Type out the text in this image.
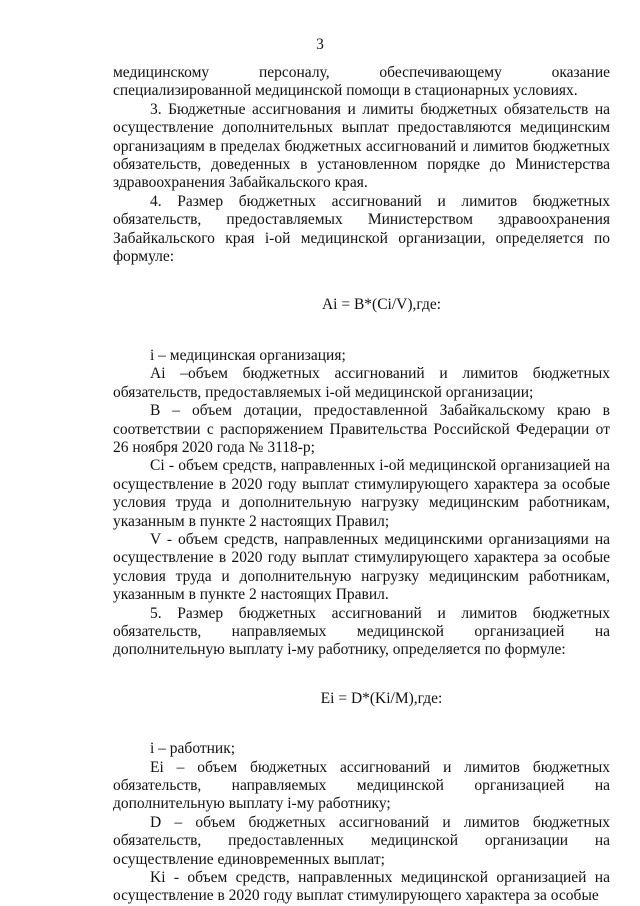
3

медицинскому персоналу, обеспечивающему оказание специализированной медицинской помощи в стационарных условиях.

3. Бюджетные ассигнования и лимиты бюджетных обязательств на осуществление дополнительных выплат предоставляются медицинским организациям в пределах бюджетных ассигнований и лимитов бюджетных обязательств, доведенных в установленном порядке до Министерства здравоохранения Забайкальского края.

4. Размер бюджетных ассигнований и лимитов бюджетных обязательств, предоставляемых Министерством здравоохранения Забайкальского края i-ой медицинской организации, определяется по формуле:

Ai = B*(Ci/V),где:

i – медицинская организация;

Ai –объем бюджетных ассигнований и лимитов бюджетных обязательств, предоставляемых i-ой медицинской организации;

B – объем дотации, предоставленной Забайкальскому краю в соответствии с распоряжением Правительства Российской Федерации от 26 ноября 2020 года № 3118-р;

Ci - объем средств, направленных i-ой медицинской организацией на осуществление в 2020 году выплат стимулирующего характера за особые условия труда и дополнительную нагрузку медицинским работникам, указанным в пункте 2 настоящих Правил;

V - объем средств, направленных медицинскими организациями на осуществление в 2020 году выплат стимулирующего характера за особые условия труда и дополнительную нагрузку медицинским работникам, указанным в пункте 2 настоящих Правил.

5. Размер бюджетных ассигнований и лимитов бюджетных обязательств, направляемых медицинской организацией на дополнительную выплату i-му работнику, определяется по формуле:

Ei = D*(Ki/M),где:

i – работник;

Ei – объем бюджетных ассигнований и лимитов бюджетных обязательств, направляемых медицинской организацией на дополнительную выплату i-му работнику;

D – объем бюджетных ассигнований и лимитов бюджетных обязательств, предоставленных медицинской организации на осуществление единовременных выплат;

Ki - объем средств, направленных медицинской организацией на осуществление в 2020 году выплат стимулирующего характера за особые
